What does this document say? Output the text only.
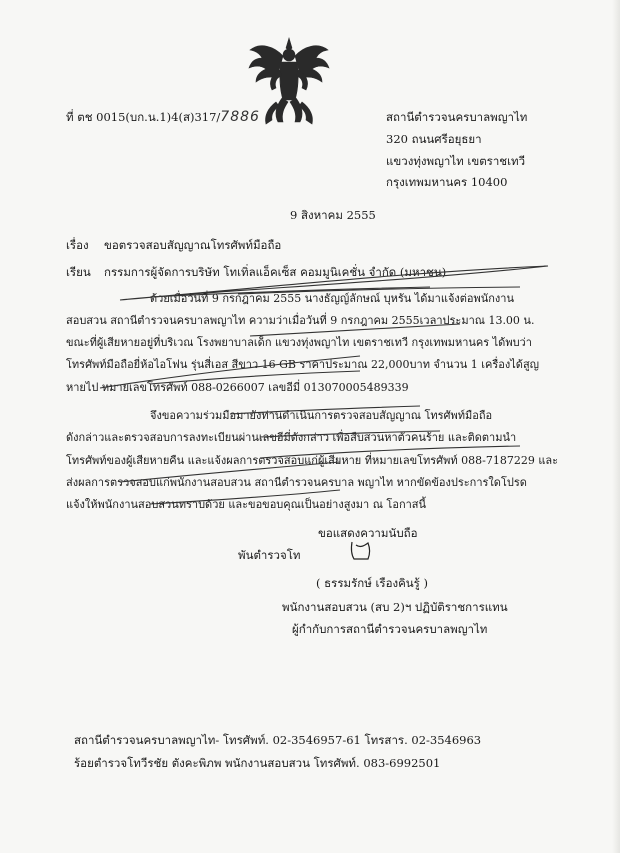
ที่ ตช 0015(บก.น.1)4(ส)317/7886	สถานีตำรวจนครบาลพญาไท
320 ถนนศรีอยุธยา
แขวงทุ่งพญาไท เขตราชเทวี
กรุงเทพมหานคร 10400
9 สิงหาคม 2555
เรื่อง ขอตรวจสอบสัญญาณโทรศัพท์มือถือ
เรียน กรรมการผู้จัดการบริษัท โทเทิ่ลแอ็คเซ็ส คอมมูนิเคชั่น จำกัด (มหาชน)
ด้วยเมื่อวันที่ 9 กรกฎาคม 2555 นางธัญญ์ลักษณ์ บุหรัน ได้มาแจ้งต่อพนักงาน
สอบสวน สถานีตำรวจนครบาลพญาไท ความว่าเมื่อวันที่ 9 กรกฎาคม 2555เวลาประมาณ 13.00 น.
ขณะที่ผู้เสียหายอยู่ที่บริเวณ โรงพยาบาลเด็ก แขวงทุ่งพญาไท เขตราชเทวี กรุงเทพมหานคร ได้พบว่า
โทรศัพท์มือถือยี่ห้อไอโฟน รุ่นสี่เอส สีขาว 16 GB ราคาประมาณ 22,000บาท จำนวน 1 เครื่องได้สูญ
หายไป หมายเลขโทรศัพท์ 088-0266007 เลขอีมี่ 013070005489339
จึงขอความร่วมมือมายังท่านดำเนินการตรวจสอบสัญญาณ โทรศัพท์มือถือ
ดังกล่าวและตรวจสอบการลงทะเบียนผ่านเลขอีมี่ดังกล่าว เพื่อสืบสวนหาตัวคนร้าย และติดตามนำ
โทรศัพท์ของผู้เสียหายคืน และแจ้งผลการตรวจสอบแก่ผู้เสียหาย ที่หมายเลขโทรศัพท์ 088-7187229 และ
ส่งผลการตรวจสอบแก่พนักงานสอบสวน สถานีตำรวจนครบาล พญาไท หากขัดข้องประการใดโปรด
แจ้งให้พนักงานสอบสวนทราบด้วย และขอขอบคุณเป็นอย่างสูงมา ณ โอกาสนี้
ขอแสดงความนับถือ
พันตำรวจโท
( ธรรมรักษ์ เรืองคินรู้ )
พนักงานสอบสวน (สบ 2)ฯ ปฏิบัติราชการแทน
ผู้กำกับการสถานีตำรวจนครบาลพญาไท
สถานีตำรวจนครบาลพญาไท- โทรศัพท์. 02-3546957-61 โทรสาร. 02-3546963
ร้อยตำรวจโทวีรชัย ตังคะพิภพ พนักงานสอบสวน โทรศัพท์. 083-6992501
